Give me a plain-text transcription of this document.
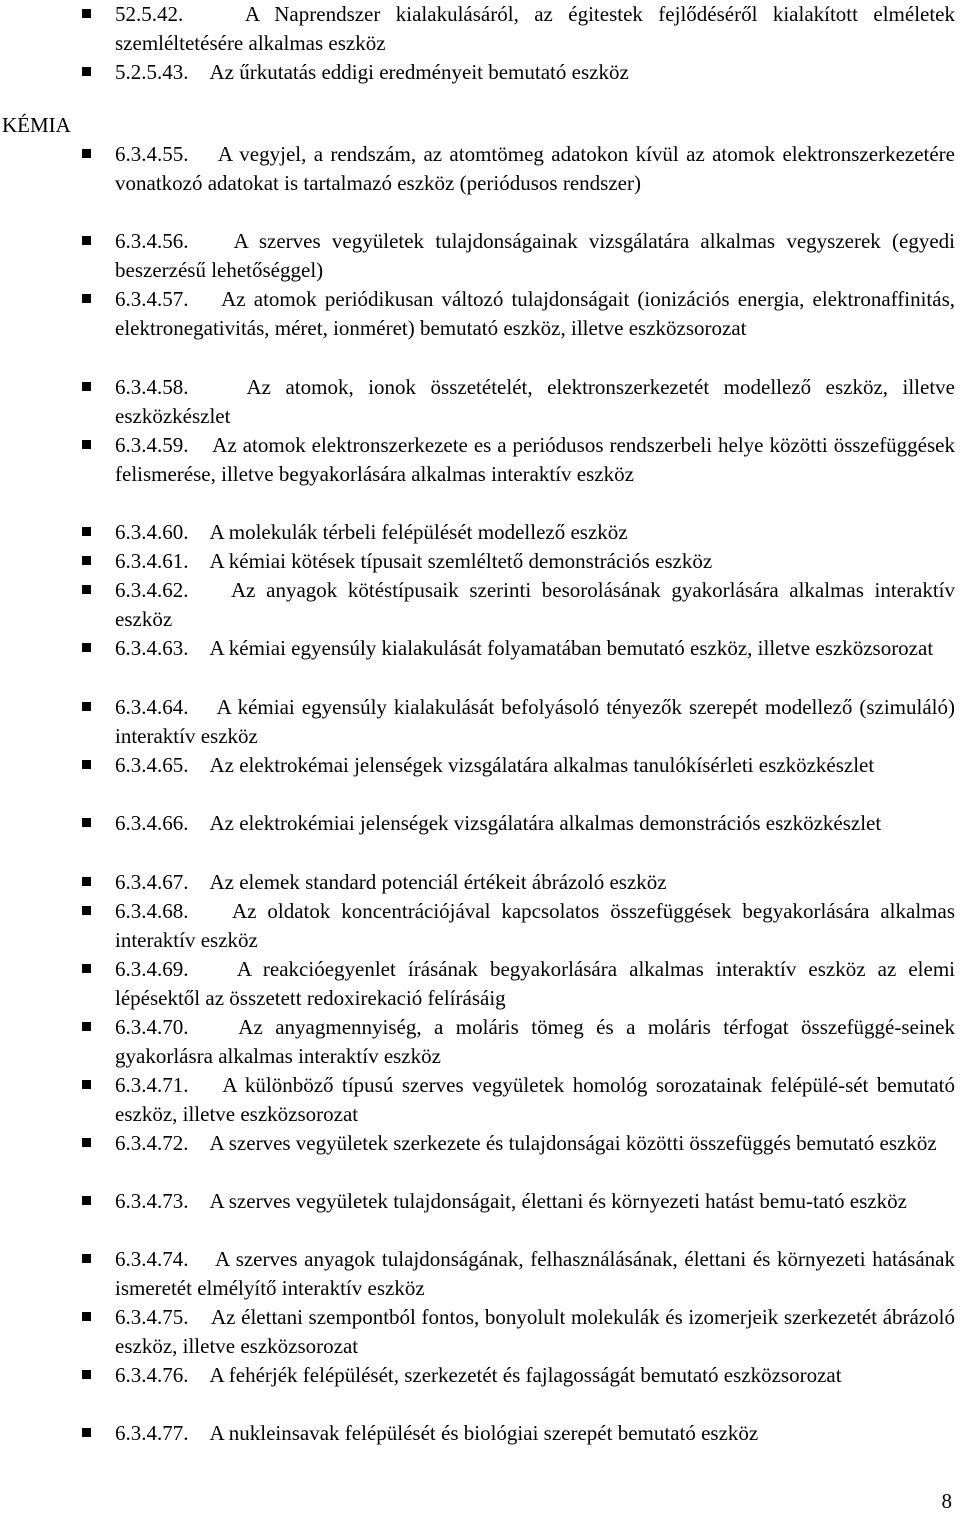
52.5.42.	A Naprendszer kialakulásáról, az égitestek fejlődéséről kialakított elméletek szemléltetésére alkalmas eszköz
5.2.5.43. Az űrkutatás eddigi eredményeit bemutató eszköz
KÉMIA
6.3.4.55. A vegyjel, a rendszám, az atomtömeg adatokon kívül az atomok elektronszerkezetére vonatkozó adatokat is tartalmazó eszköz (periódusos rendszer)
6.3.4.56. A szerves vegyületek tulajdonságainak vizsgálatára alkalmas vegyszerek (egyedi beszerzésű lehetőséggel)
6.3.4.57. Az atomok periódikusan változó tulajdonságait (ionizációs energia, elektronaffinitás, elektronegativitás, méret, ionméret) bemutató eszköz, illetve eszközsorozat
6.3.4.58.	Az atomok, ionok összetételét, elektronszerkezetét modellező eszköz, illetve eszközkészlet
6.3.4.59. Az atomok elektronszerkezete es a periódusos rendszerbeli helye közötti összefüggések felismerése, illetve begyakorlására alkalmas interaktív eszköz
6.3.4.60. A molekulák térbeli felépülését modellező eszköz
6.3.4.61. A kémiai kötések típusait szemléltető demonstrációs eszköz
6.3.4.62. Az anyagok kötéstípusaik szerinti besorolásának gyakorlására alkalmas interaktív eszköz
6.3.4.63. A kémiai egyensúly kialakulását folyamatában bemutató eszköz, illetve eszközsorozat
6.3.4.64. A kémiai egyensúly kialakulását befolyásoló tényezők szerepét modellező (szimuláló) interaktív eszköz
6.3.4.65. Az elektrokémai jelenségek vizsgálatára alkalmas tanulókísérleti eszközkészlet
6.3.4.66. Az elektrokémiai jelenségek vizsgálatára alkalmas demonstrációs eszközkészlet
6.3.4.67. Az elemek standard potenciál értékeit ábrázoló eszköz
6.3.4.68. Az oldatok koncentrációjával kapcsolatos összefüggések begyakorlására alkalmas interaktív eszköz
6.3.4.69. A reakcióegyenlet írásának begyakorlására alkalmas interaktív eszköz az elemi lépésektől az összetett redoxirekació felírásáig
6.3.4.70. Az anyagmennyiség, a moláris tömeg és a moláris térfogat összefüggé-seinek gyakorlásra alkalmas interaktív eszköz
6.3.4.71. A különböző típusú szerves vegyületek homológ sorozatainak felépülé-sét bemutató eszköz, illetve eszközsorozat
6.3.4.72. A szerves vegyületek szerkezete és tulajdonságai közötti összefüggés bemutató eszköz
6.3.4.73. A szerves vegyületek tulajdonságait, élettani és környezeti hatást bemu-tató eszköz
6.3.4.74. A szerves anyagok tulajdonságának, felhasználásának, élettani és környezeti hatásának ismeretét elmélyítő interaktív eszköz
6.3.4.75. Az élettani szempontból fontos, bonyolult molekulák és izomerjeik szerkezetét ábrázoló eszköz, illetve eszközsorozat
6.3.4.76. A fehérjék felépülését, szerkezetét és fajlagosságát bemutató eszközsorozat
6.3.4.77. A nukleinsavak felépülését és biológiai szerepét bemutató eszköz
8
